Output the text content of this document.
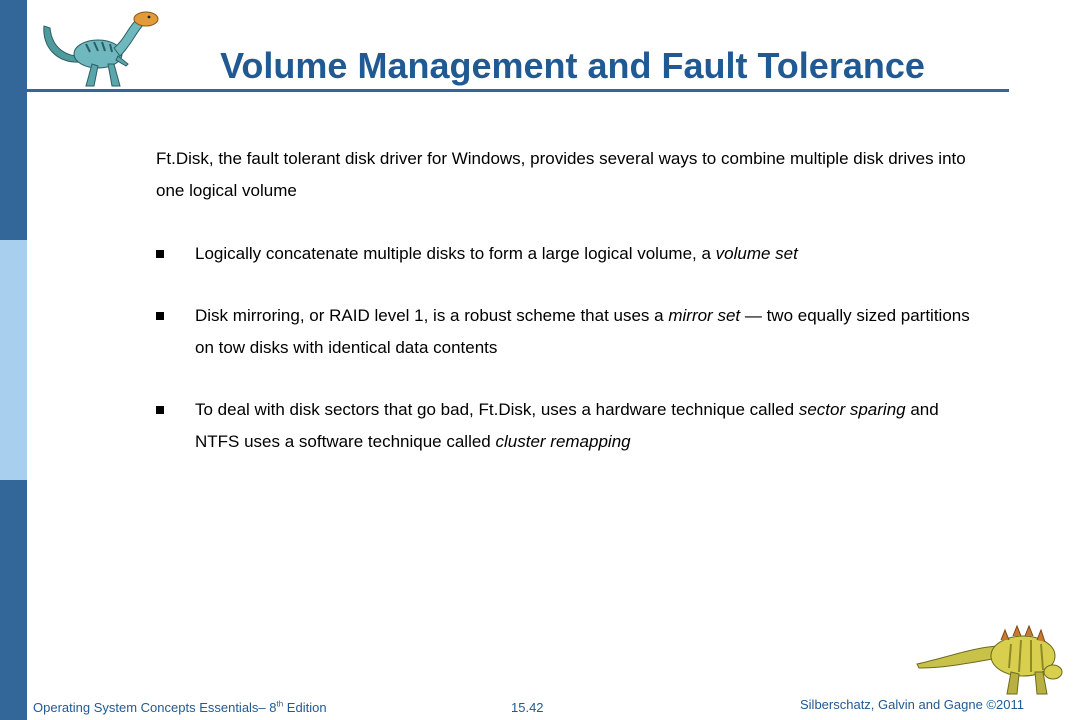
Volume Management and Fault Tolerance

Ft.Disk, the fault tolerant disk driver for Windows, provides several ways to combine multiple disk drives into one logical volume

Logically concatenate multiple disks to form a large logical volume, a volume set
Disk mirroring, or RAID level 1, is a robust scheme that uses a mirror set — two equally sized partitions on tow disks with identical data contents
To deal with disk sectors that go bad, Ft.Disk, uses a hardware technique called sector sparing and NTFS uses a software technique called cluster remapping
Operating System Concepts Essentials– 8th Edition	15.42	Silberschatz, Galvin and Gagne ©2011
